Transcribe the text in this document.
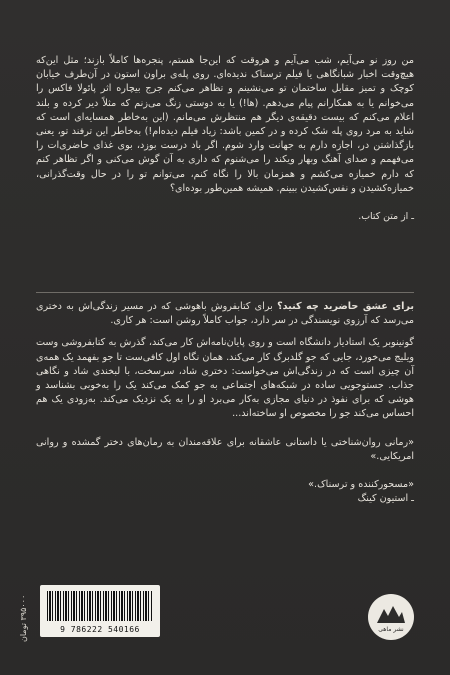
من روز نو می‌آیم، شب می‌آیم و هروقت که این‌جا هستم، پنجره‌ها کاملاً بازند؛ مثل این‌که هیچ‌وقت اخبار شبانگاهی یا فیلم ترسناک ندیده‌ای. روی پله‌ی براون استون در آن‌طرف خیابان کوچک و تمیز مقابل ساختمان تو می‌نشینم و تظاهر می‌کنم جرج بیچاره اثر پائولا فاکس را می‌خوانم یا به همکارانم پیام می‌دهم. (ها!) یا به دوستی زنگ می‌زنم که مثلاً دیر کرده و بلند اعلام می‌کنم که بیست دقیقه‌ی دیگر هم منتظرش می‌مانم. (این به‌خاطر همسایه‌ای است که شاید به مرد روی پله شک کرده و در کمین باشد: زیاد فیلم دیده‌ام!) به‌خاطر این ترفند تو، یعنی بازگذاشتن در، اجازه دارم به جهانت وارد شوم. اگر باد درست بوزد، بوی غذای حاضری‌ات را می‌فهمم و صدای آهنگ وبهار ویکند را می‌شنوم که داری به آن گوش می‌کنی و اگر تظاهر کنم که دارم خمیازه می‌کشم و همزمان بالا را نگاه کنم، می‌توانم تو را در حال وقت‌گذرانی، خمیازه‌کشیدن و نفس‌کشیدن ببینم. همیشه همین‌طور بوده‌ای؟

ـ از متن کتاب.

برای عشق حاضرید چه کنید؟ برای کتابفروش باهوشی که در مسیر زندگی‌اش به دختری می‌رسد که آرزوی نویسندگی در سر دارد، جواب کاملاً روشن است: هر کاری.

گونینوبر یک استادیار دانشگاه است و روی پایان‌نامه‌اش کار می‌کند، گذرش به کتابفروشی وست ویلیج می‌خورد، جایی که جو گلدبرگ کار می‌کند. همان نگاه اول کافی‌ست تا جو بفهمد یک همه‌ی آن چیزی است که در زندگی‌اش می‌خواست: دختری شاد، سرسخت، با لبخندی شاد و نگاهی جذاب. جستوجویی ساده در شبکه‌های اجتماعی به جو کمک می‌کند یک را به‌خوبی بشناسد و هوشی که برای نفوذ در دنیای مجازی به‌کار می‌برد او را به یک نزدیک می‌کند. به‌زودی یک هم احساس می‌کند جو را مخصوص او ساخته‌اند...

«رمانی روان‌شناختی یا داستانی عاشقانه برای علاقه‌مندان به رمان‌های دختر گمشده و روانی امریکایی.»

«مسحورکننده و ترسناک.»

ـ استیون کینگ

۳۹۵۰۰۰ تومان
9 786222 540166	نشر ماهی
